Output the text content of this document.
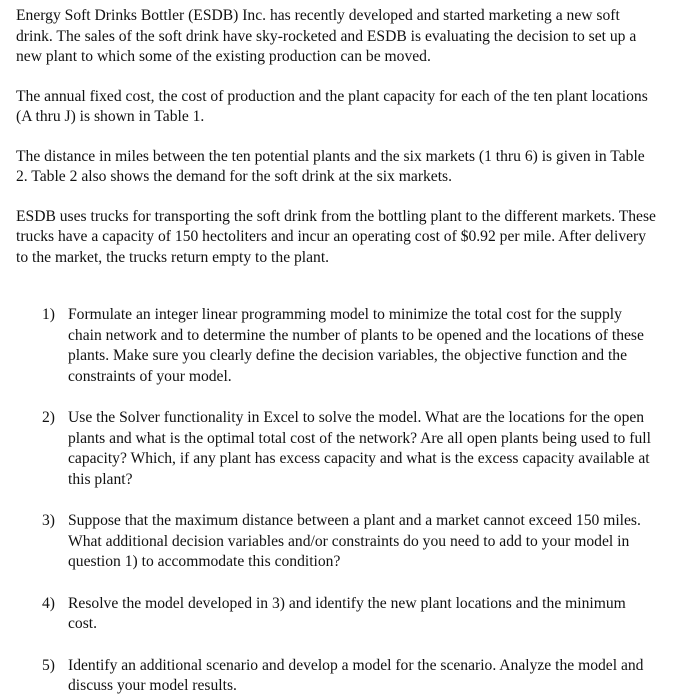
Energy Soft Drinks Bottler (ESDB) Inc. has recently developed and started marketing a new soft drink. The sales of the soft drink have sky-rocketed and ESDB is evaluating the decision to set up a new plant to which some of the existing production can be moved.

The annual fixed cost, the cost of production and the plant capacity for each of the ten plant locations (A thru J) is shown in Table 1.

The distance in miles between the ten potential plants and the six markets (1 thru 6) is given in Table 2. Table 2 also shows the demand for the soft drink at the six markets.

ESDB uses trucks for transporting the soft drink from the bottling plant to the different markets. These trucks have a capacity of 150 hectoliters and incur an operating cost of $0.92 per mile. After delivery to the market, the trucks return empty to the plant.

1) Formulate an integer linear programming model to minimize the total cost for the supply chain network and to determine the number of plants to be opened and the locations of these plants. Make sure you clearly define the decision variables, the objective function and the constraints of your model.
2) Use the Solver functionality in Excel to solve the model. What are the locations for the open plants and what is the optimal total cost of the network? Are all open plants being used to full capacity? Which, if any plant has excess capacity and what is the excess capacity available at this plant?
3) Suppose that the maximum distance between a plant and a market cannot exceed 150 miles. What additional decision variables and/or constraints do you need to add to your model in question 1) to accommodate this condition?
4) Resolve the model developed in 3) and identify the new plant locations and the minimum cost.
5) Identify an additional scenario and develop a model for the scenario. Analyze the model and discuss your model results.
